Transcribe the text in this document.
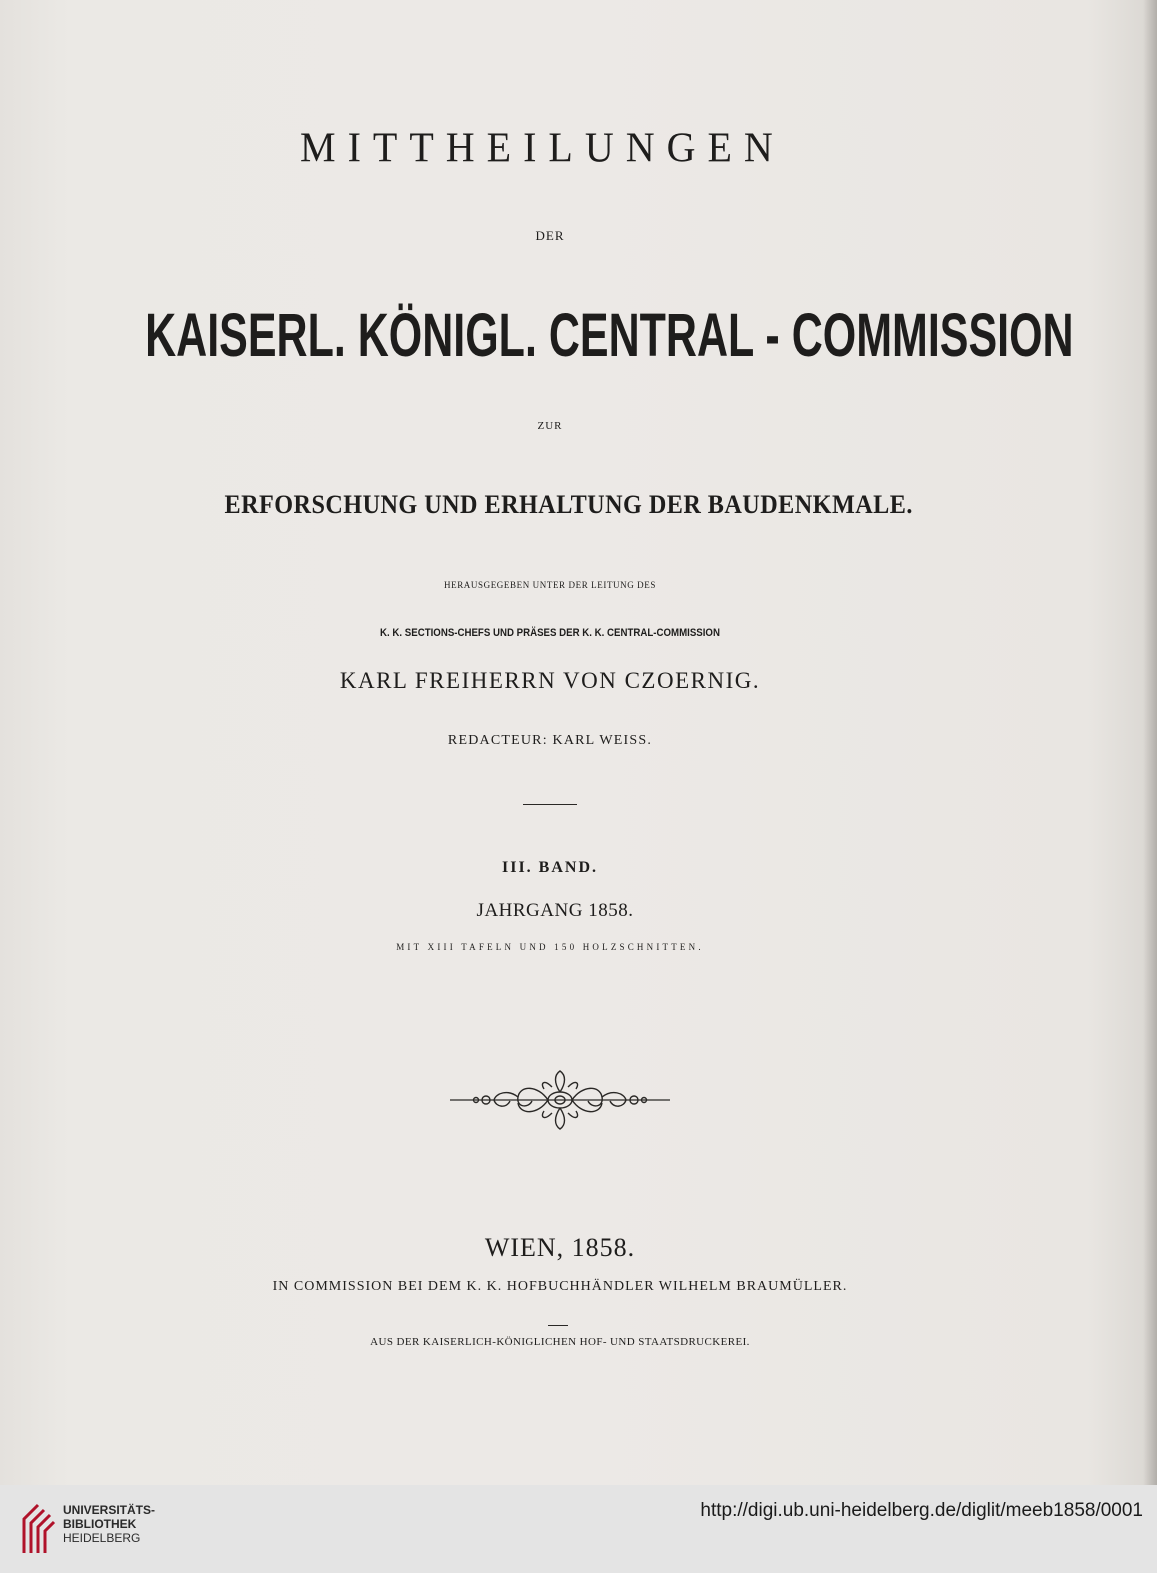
MITTHEILUNGEN
DER
KAISERL. KÖNIGL. CENTRAL - COMMISSION
ZUR
ERFORSCHUNG UND ERHALTUNG DER BAUDENKMALE.
HERAUSGEGEBEN UNTER DER LEITUNG DES
K. K. SECTIONS-CHEFS UND PRÄSES DER K. K. CENTRAL-COMMISSION
KARL FREIHERRN VON CZOERNIG.
REDACTEUR: KARL WEISS.
III. BAND.
JAHRGANG 1858.
MIT XIII TAFELN UND 150 HOLZSCHNITTEN.
WIEN, 1858.
IN COMMISSION BEI DEM K. K. HOFBUCHHÄNDLER WILHELM BRAUMÜLLER.
AUS DER KAISERLICH-KÖNIGLICHEN HOF- UND STAATSDRUCKEREI.
UNIVERSITÄTS-
BIBLIOTHEK
HEIDELBERG
http://digi.ub.uni-heidelberg.de/diglit/meeb1858/0001
